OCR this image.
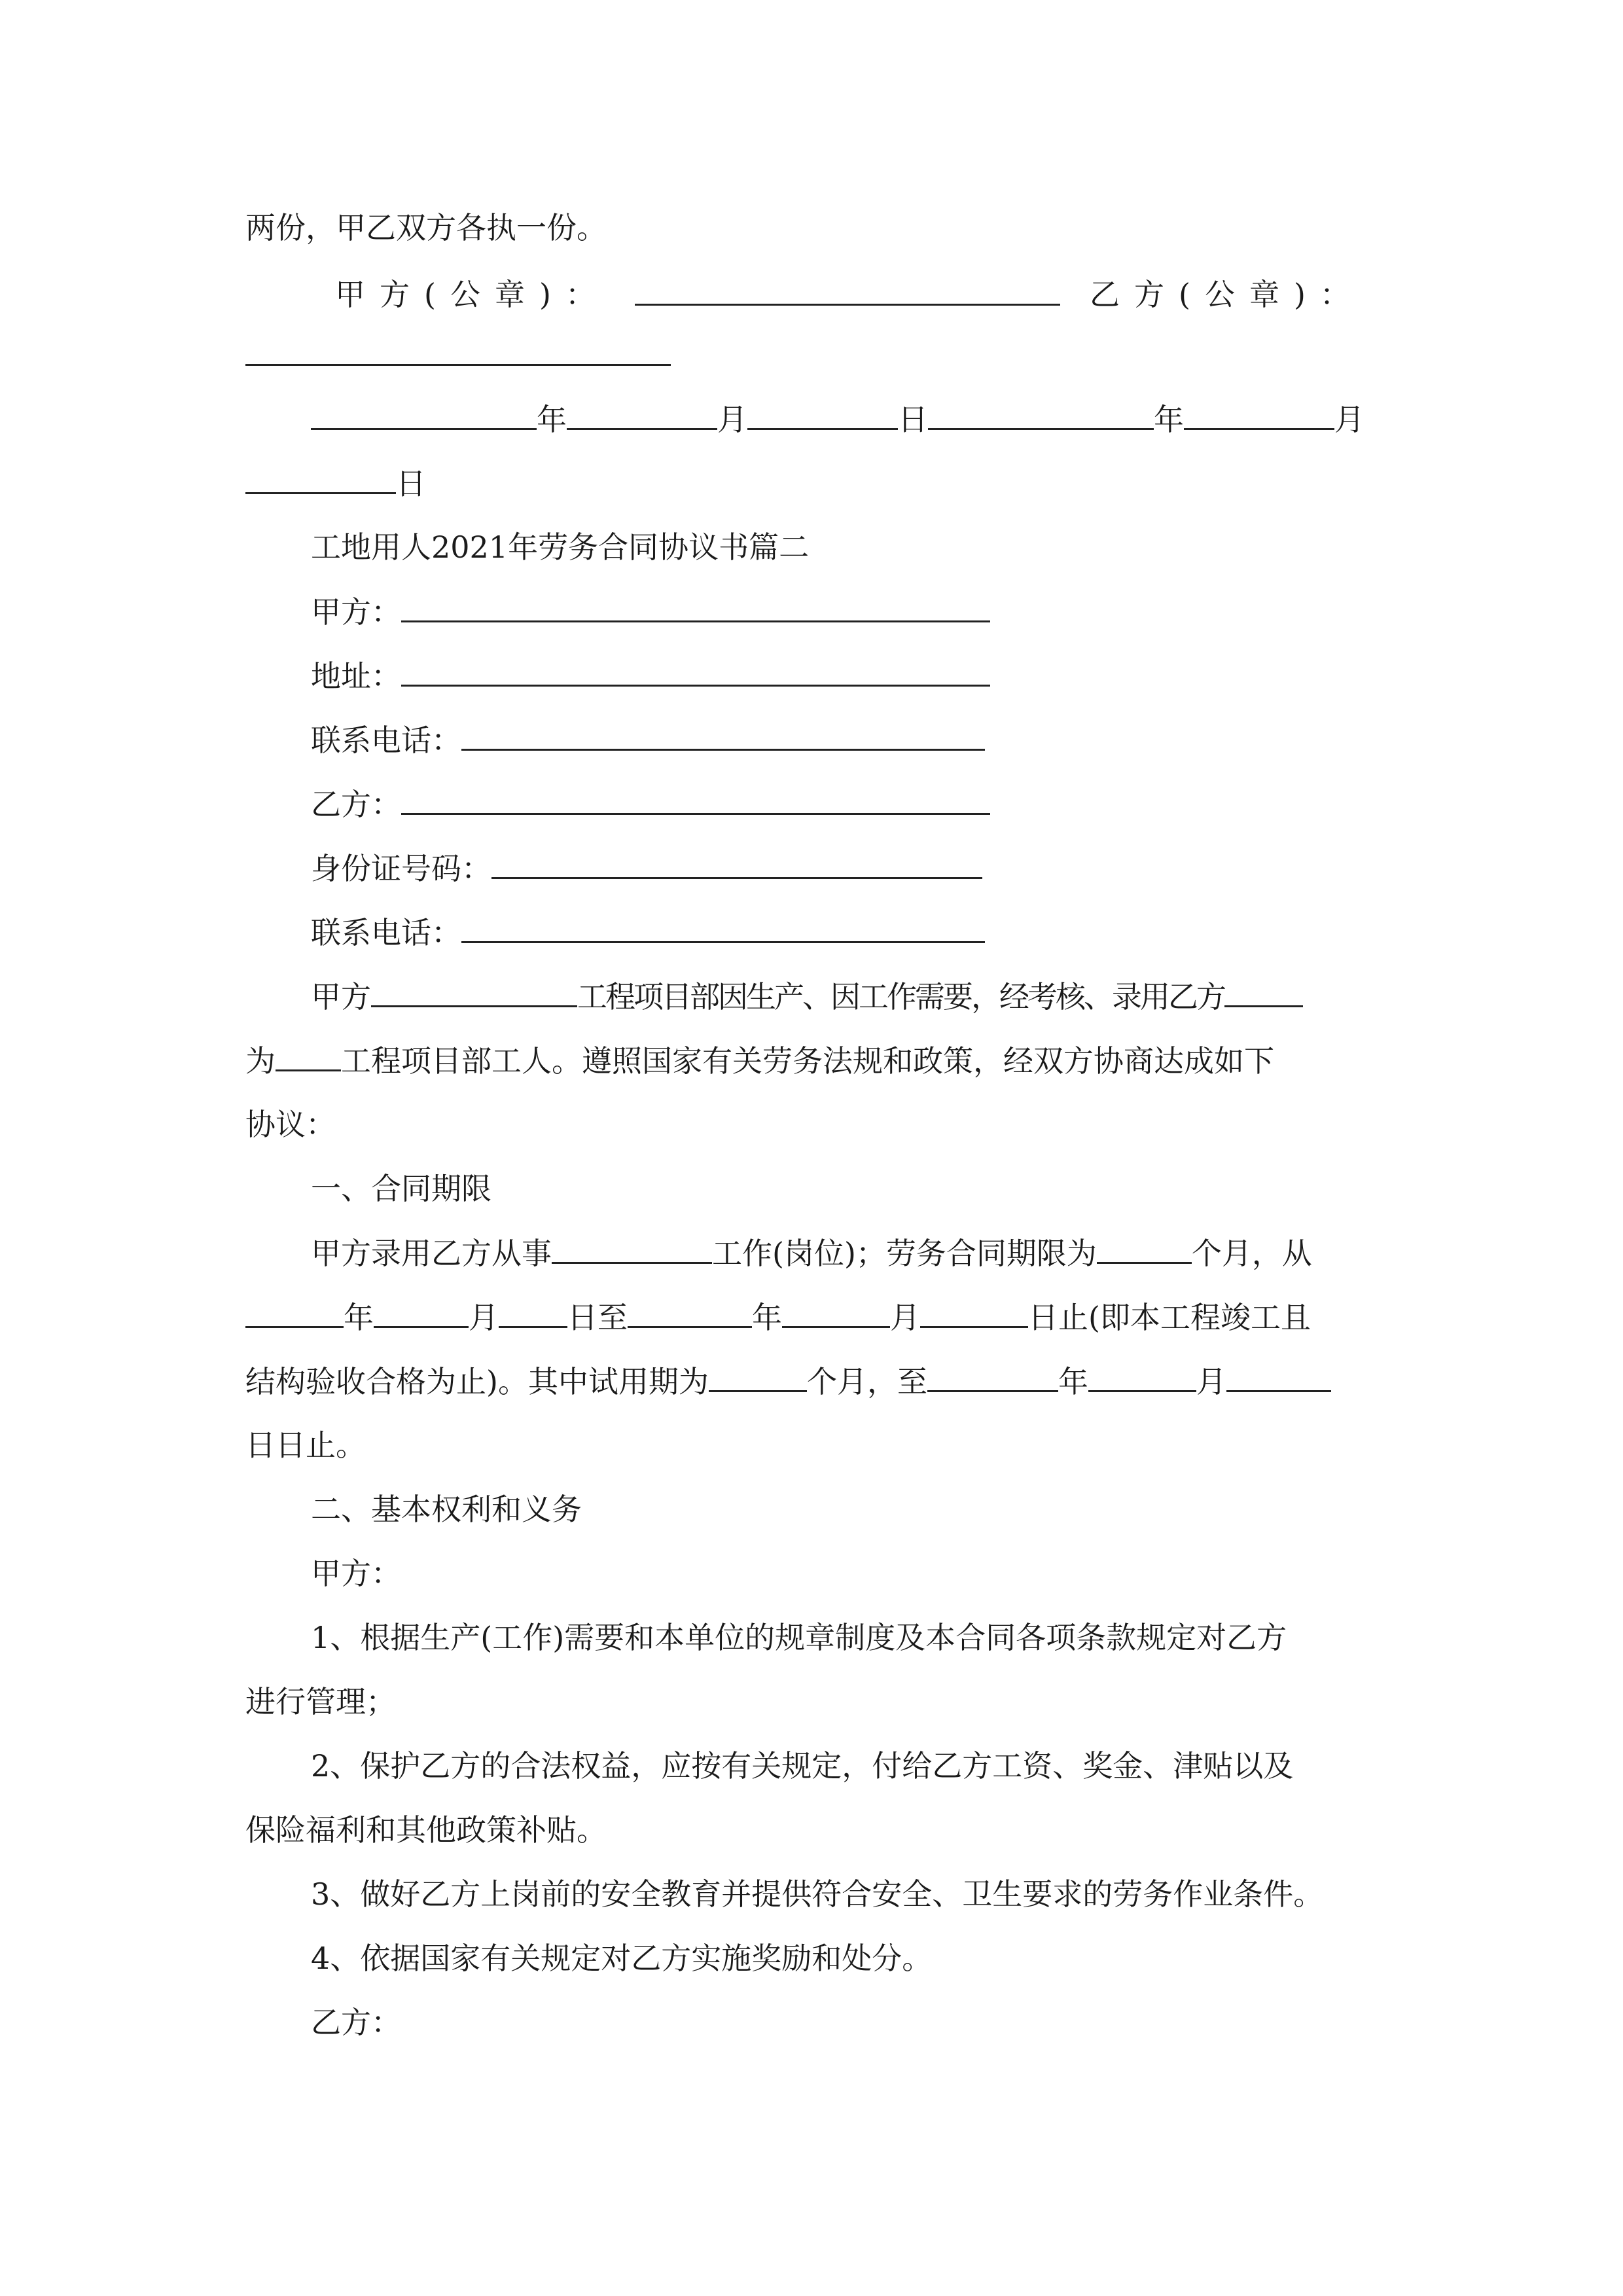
两份，甲乙双方各执一份。
甲方(公章)：	乙方(公章)：
年	月	日	年	月
日
工地用人2021年劳务合同协议书篇二
甲方：
地址：
联系电话：
乙方：
身份证号码：
联系电话：
甲方	工程项目部因生产、因工作需要，经考核、录用乙方
为 工程项目部工人。遵照国家有关劳务法规和政策，经双方协商达成如下
协议：
一、合同期限
甲方录用乙方从事	工作(岗位)；劳务合同期限为	个月，从
年	月 日至	年	月	日止(即本工程竣工且
结构验收合格为止)。其中试用期为	个月，至	年	月
日日止。
二、基本权利和义务
甲方：
1、根据生产(工作)需要和本单位的规章制度及本合同各项条款规定对乙方
进行管理；
2、保护乙方的合法权益，应按有关规定，付给乙方工资、奖金、津贴以及
保险福利和其他政策补贴。
3、做好乙方上岗前的安全教育并提供符合安全、卫生要求的劳务作业条件。
4、依据国家有关规定对乙方实施奖励和处分。
乙方：
